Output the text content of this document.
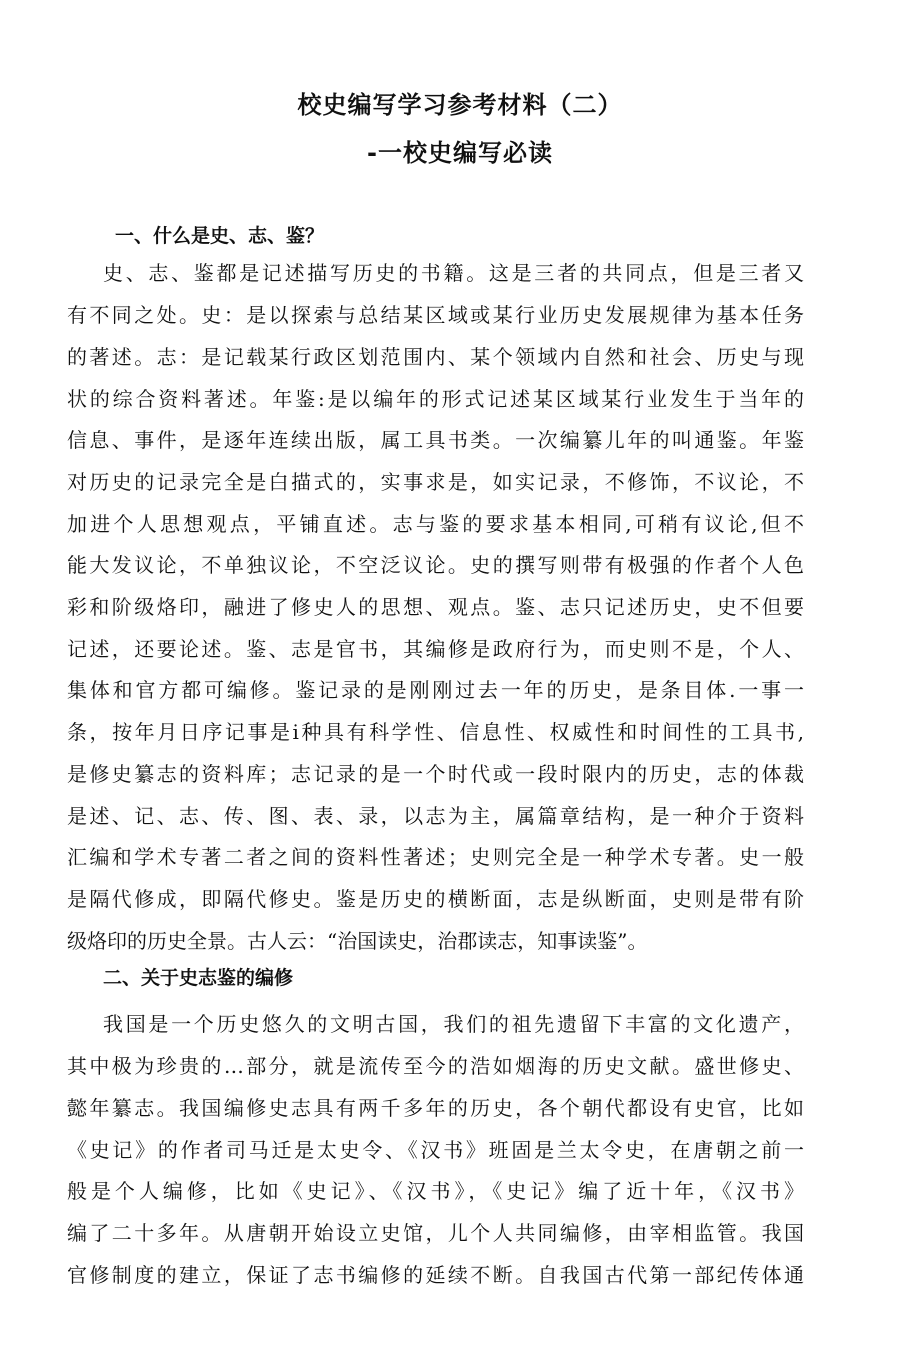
校史编写学习参考材料（二）
-一校史编写必读
一、什么是史、志、鉴？
史、志、鉴都是记述描写历史的书籍。这是三者的共同点，但是三者又
有不同之处。史：是以探索与总结某区域或某行业历史发展规律为基本任务
的著述。志：是记载某行政区划范围内、某个领域内自然和社会、历史与现
状的综合资料著述。年鉴:是以编年的形式记述某区域某行业发生于当年的
信息、事件，是逐年连续出版，属工具书类。一次编纂儿年的叫通鉴。年鉴
对历史的记录完全是白描式的，实事求是，如实记录，不修饰，不议论，不
加进个人思想观点，平铺直述。志与鉴的要求基本相同,可稍有议论,但不
能大发议论，不单独议论，不空泛议论。史的撰写则带有极强的作者个人色
彩和阶级烙印，融进了修史人的思想、观点。鉴、志只记述历史，史不但要
记述，还要论述。鉴、志是官书，其编修是政府行为，而史则不是，个人、
集体和官方都可编修。鉴记录的是刚刚过去一年的历史，是条目体.一事一
条，按年月日序记事是i种具有科学性、信息性、权威性和时间性的工具书,
是修史纂志的资料库；志记录的是一个时代或一段时限内的历史，志的体裁
是述、记、志、传、图、表、录，以志为主，属篇章结构，是一种介于资料
汇编和学术专著二者之间的资料性著述；史则完全是一种学术专著。史一般
是隔代修成，即隔代修史。鉴是历史的横断面，志是纵断面，史则是带有阶
级烙印的历史全景。古人云：“治国读史，治郡读志，知事读鉴”。
二、关于史志鉴的编修
我国是一个历史悠久的文明古国，我们的祖先遗留下丰富的文化遗产，
其中极为珍贵的…部分，就是流传至今的浩如烟海的历史文献。盛世修史、
懿年纂志。我国编修史志具有两千多年的历史，各个朝代都设有史官，比如
《史记》的作者司马迁是太史令、《汉书》班固是兰太令史，在唐朝之前一
般是个人编修，比如《史记》、《汉书》，《史记》编了近十年，《汉书》
编了二十多年。从唐朝开始设立史馆，儿个人共同编修，由宰相监管。我国
官修制度的建立，保证了志书编修的延续不断。自我国古代第一部纪传体通
